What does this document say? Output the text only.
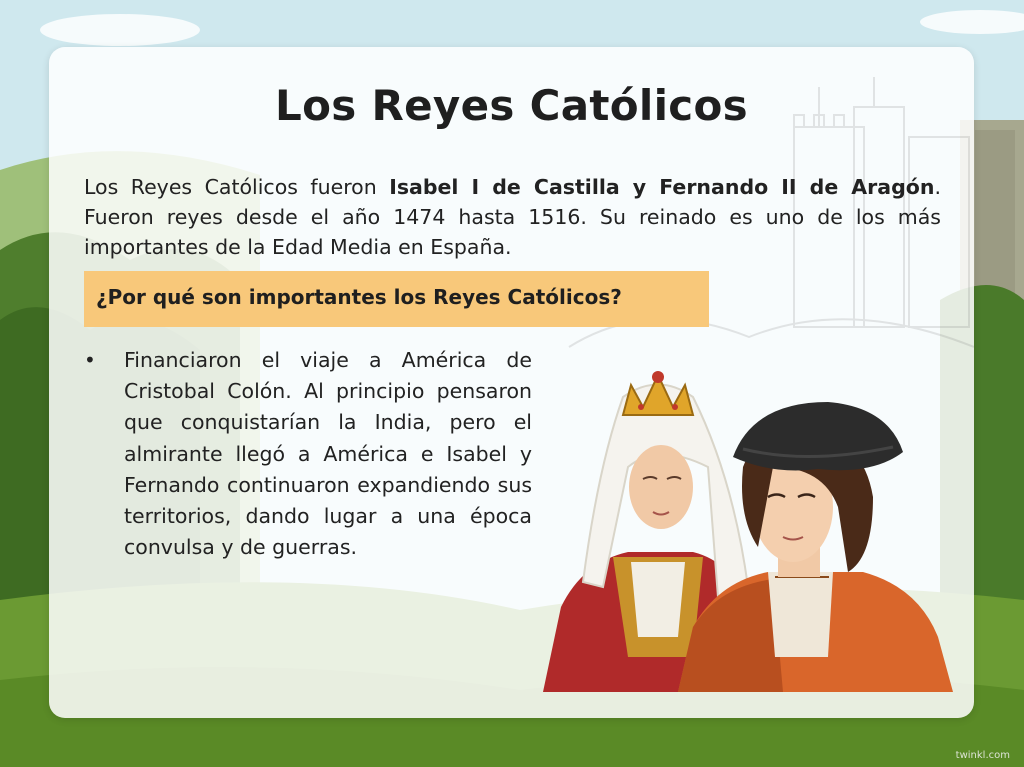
Los Reyes Católicos
Los Reyes Católicos fueron Isabel I de Castilla y Fernando II de Aragón. Fueron reyes desde el año 1474 hasta 1516. Su reinado es uno de los más importantes de la Edad Media en España.
¿Por qué son importantes los Reyes Católicos?
• Financiaron el viaje a América de Cristobal Colón. Al principio pensaron que conquistarían la India, pero el almirante llegó a América e Isabel y Fernando continuaron expandiendo sus territorios, dando lugar a una época convulsa y de guerras.
twinkl.com
